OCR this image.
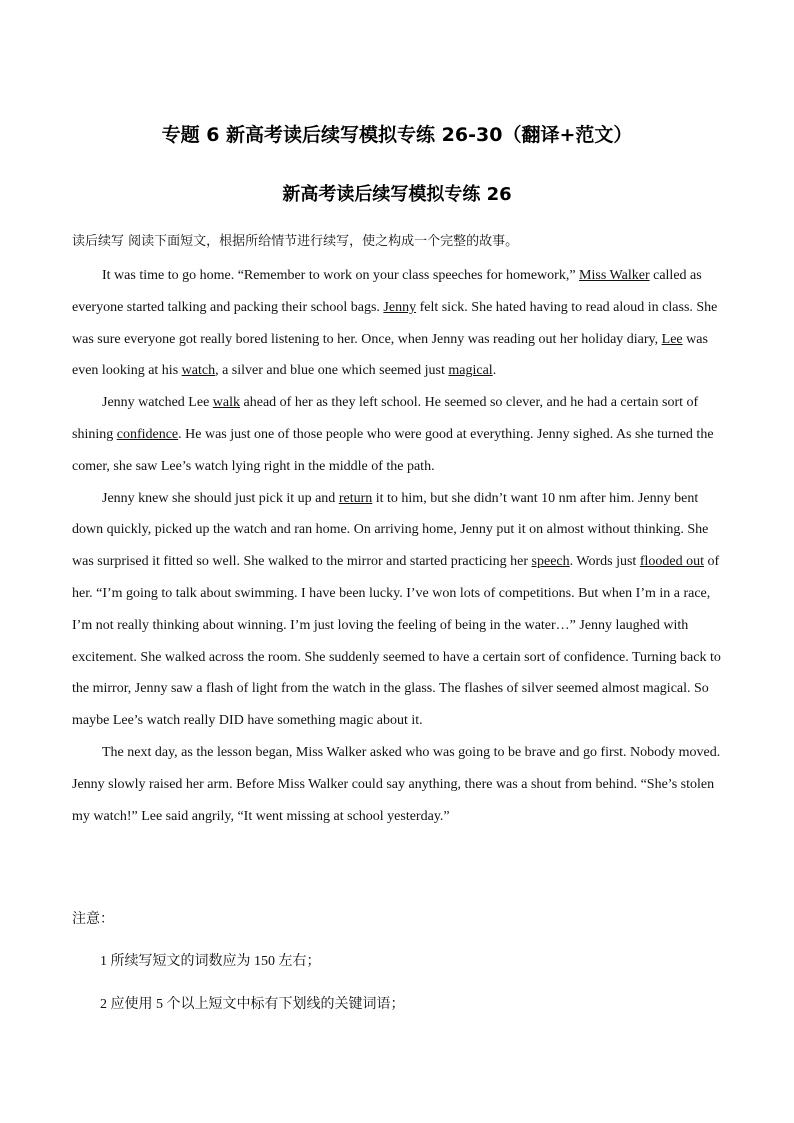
专题 6 新高考读后续写模拟专练 26-30（翻译+范文）
新高考读后续写模拟专练 26

读后续写 阅读下面短文，根据所给情节进行续写，使之构成一个完整的故事。

It was time to go home. “Remember to work on your class speeches for homework,” Miss Walker called as everyone started talking and packing their school bags. Jenny felt sick. She hated having to read aloud in class. She was sure everyone got really bored listening to her. Once, when Jenny was reading out her holiday diary, Lee was even looking at his watch, a silver and blue one which seemed just magical.

Jenny watched Lee walk ahead of her as they left school. He seemed so clever, and he had a certain sort of shining confidence. He was just one of those people who were good at everything. Jenny sighed. As she turned the comer, she saw Lee’s watch lying right in the middle of the path.

Jenny knew she should just pick it up and return it to him, but she didn’t want 10 nm after him. Jenny bent down quickly, picked up the watch and ran home. On arriving home, Jenny put it on almost without thinking. She was surprised it fitted so well. She walked to the mirror and started practicing her speech. Words just flooded out of her. “I’m going to talk about swimming. I have been lucky. I’ve won lots of competitions. But when I’m in a race, I’m not really thinking about winning. I’m just loving the feeling of being in the water…” Jenny laughed with excitement. She walked across the room. She suddenly seemed to have a certain sort of confidence. Turning back to the mirror, Jenny saw a flash of light from the watch in the glass. The flashes of silver seemed almost magical. So maybe Lee’s watch really DID have something magic about it.

The next day, as the lesson began, Miss Walker asked who was going to be brave and go first. Nobody moved. Jenny slowly raised her arm. Before Miss Walker could say anything, there was a shout from behind. “She’s stolen my watch!” Lee said angrily, “It went missing at school yesterday.”

注意：

1 所续写短文的词数应为 150 左右；

2 应使用 5 个以上短文中标有下划线的关键词语；
